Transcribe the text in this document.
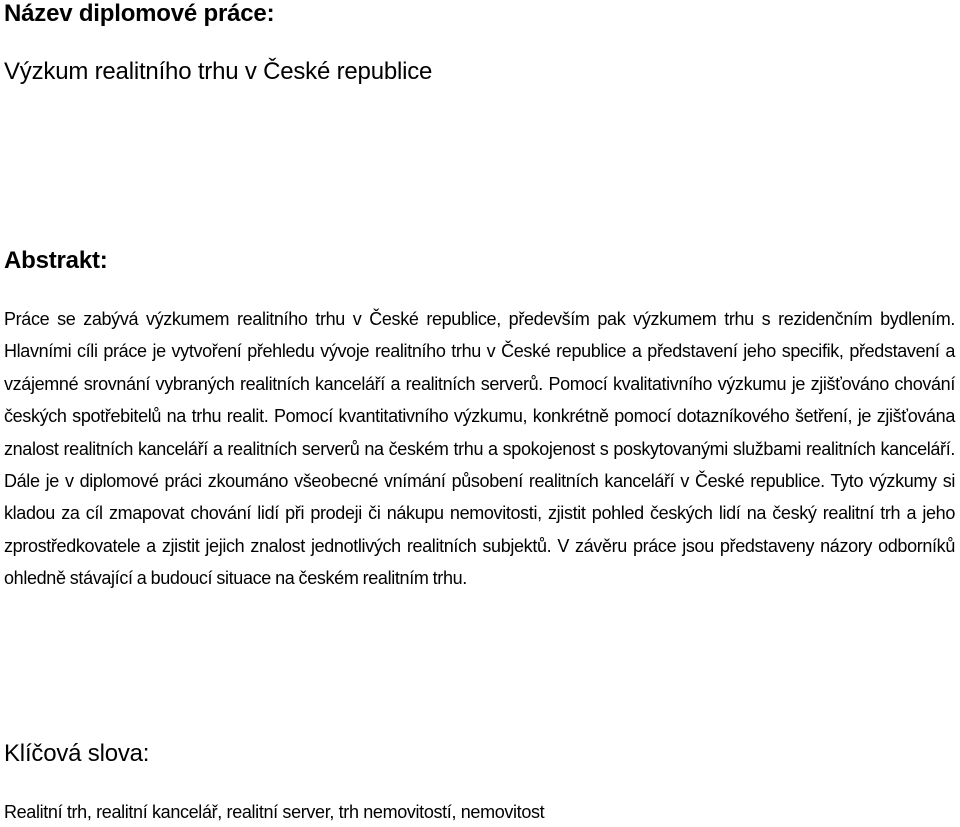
Název diplomové práce:
Výzkum realitního trhu v České republice
Abstrakt:

Práce se zabývá výzkumem realitního trhu v České republice, především pak výzkumem trhu s rezidenčním bydlením. Hlavními cíli práce je vytvoření přehledu vývoje realitního trhu v České republice a představení jeho specifik, představení a vzájemné srovnání vybraných realitních kanceláří a realitních serverů. Pomocí kvalitativního výzkumu je zjišťováno chování českých spotřebitelů na trhu realit. Pomocí kvantitativního výzkumu, konkrétně pomocí dotazníkového šetření, je zjišťována znalost realitních kanceláří a realitních serverů na českém trhu a spokojenost s poskytovanými službami realitních kanceláří. Dále je v diplomové práci zkoumáno všeobecné vnímání působení realitních kanceláří v České republice. Tyto výzkumy si kladou za cíl zmapovat chování lidí při prodeji či nákupu nemovitosti, zjistit pohled českých lidí na český realitní trh a jeho zprostředkovatele a zjistit jejich znalost jednotlivých realitních subjektů. V závěru práce jsou představeny názory odborníků ohledně stávající a budoucí situace na českém realitním trhu.

Klíčová slova:

Realitní trh, realitní kancelář, realitní server, trh nemovitostí, nemovitost
